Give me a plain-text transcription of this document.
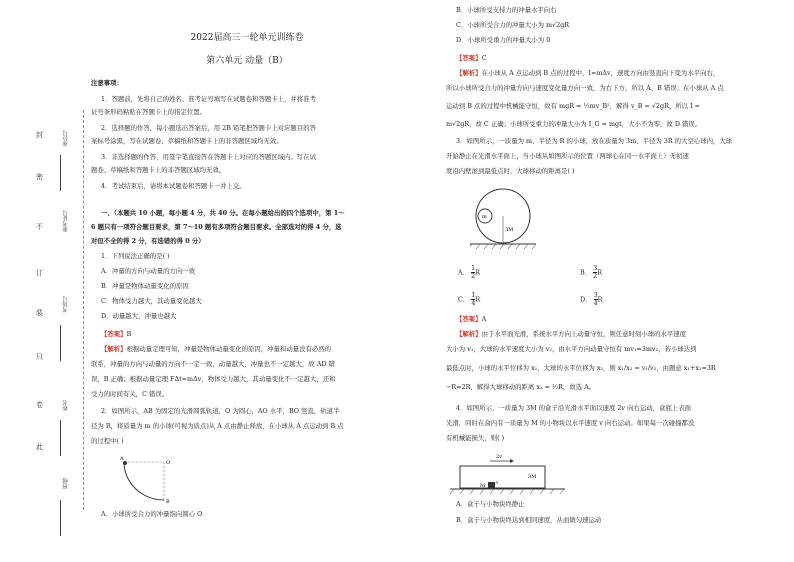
封
密
不
订
装
只
卷
此
座位号
准考证号
考场号
姓名
班级
2022届高三一轮单元训练卷
第六单元 动量（B）
注意事项：
1．答题前，先将自己的姓名、准考证号填写在试题卷和答题卡上，并将准考
证号条形码粘贴在答题卡上的指定位置。
2．选择题的作答，每小题选出答案后，用 2B 铅笔把答题卡上对应题目的答
案标号涂黑，写在试题卷、草稿纸和答题卡上的非答题区域均无效。
3．非选择题的作答，用签字笔直接答在答题卡上对应的答题区域内。写在试
题卷、草稿纸和答题卡上的非答题区域均无效。
4．考试结束后，请将本试题卷和答题卡一并上交。
一、（本题共 10 小题，每小题 4 分，共 40 分。在每小题给出的四个选项中，第 1～
6 题只有一项符合题目要求，第 7～10 题有多项符合题目要求。全部选对的得 4 分，选
对但不全的得 2 分，有选错的得 0 分）
1．下列说法正确的是( )
A．冲量的方向与动量的方向一致
B．冲量是物体动量变化的原因
C．物体受力越大，其动量变化越大
D．动量越大，冲量也越大
【答案】B
【解析】根据动量定理可知，冲量是物体动量变化的原因，冲量和动量没有必然的
联系，冲量的方向与动量的方向不一定一致，动量越大，冲量也不一定越大，故 AD 错
误，B 正确；根据动量定理 FΔt=mΔv，物体受力越大，其动量变化不一定越大，还和
受力的时间有关，C 错误。
2．如图所示，AB 为固定的光滑圆弧轨道，O 为圆心，AO 水平，BO 竖直，轨道半
径为 R，将质量为 m 的小球(可视为质点)从 A 点由静止释放，在小球从 A 点运动到 B 点
的过程中( )
A
O
B
A．小球所受合力的冲量指向圆心 O
B．小球所受支持力的冲量水平向右
C．小球所受合力的冲量大小为 m√2gR
D．小球所受重力的冲量大小为 0
【答案】C
【解析】在小球从 A 点运动到 B 点的过程中，I=mΔv，速度方向由竖直向下变为水平向右，
所以小球所受合力的冲量方向与速度变化量方向一致，为右下方，所以 A、B 错误；在小球从 A 点
运动到 B 点的过程中机械能守恒，故有 mgR = ½mv_B²，解得 v_B = √2gR，所以 I =
m√2gR，故 C 正确；小球所受重力的冲量大小为 I_G = mgt，大小不为零，故 D 错误。
3．如图所示，一质量为 m、半径为 R 的小球，放在质量为 3m、半径为 3R 的大空心球内，大球
开始静止在光滑水平面上，当小球从如图所示的位置（两球心在同一水平面上）无初速
度沿内壁滚到最低点时，大球移动的距离是( )
m
3M
A． $\frac{1}{2}$ R	B． $\frac{3}{2}$ R
C． $\frac{1}{4}$ R	D． $\frac{3}{4}$ R
【答案】A
【解析】由于水平面光滑，系统水平方向上动量守恒，则任意时刻小球的水平速度
大小为 v₁，大球的水平速度大小为 v₂，由水平方向动量守恒有 mv₁=3mv₂，若小球达到
最低点时，小球的水平位移为 x₁，大球的水平位移为 x₂，则 x₁/x₂ = v₁/v₂，由题意 x₁+x₂=3R
−R=2R，解得大球移动的距离 x₂ = ½R，故选 A。
4．如图所示，一质量为 3M 的盒子沿光滑水平面以速度 2v 向右运动，盒底上表面
光滑，同时在盒内有一质量为 M 的小物块以水平速度 v 向右运动。如果每一次碰撞都没
有机械能损失，则( )
2v
3M
M v
A．盒子与小物块终静止
B．盒子与小物块终达到相同速度，从而做匀速运动
